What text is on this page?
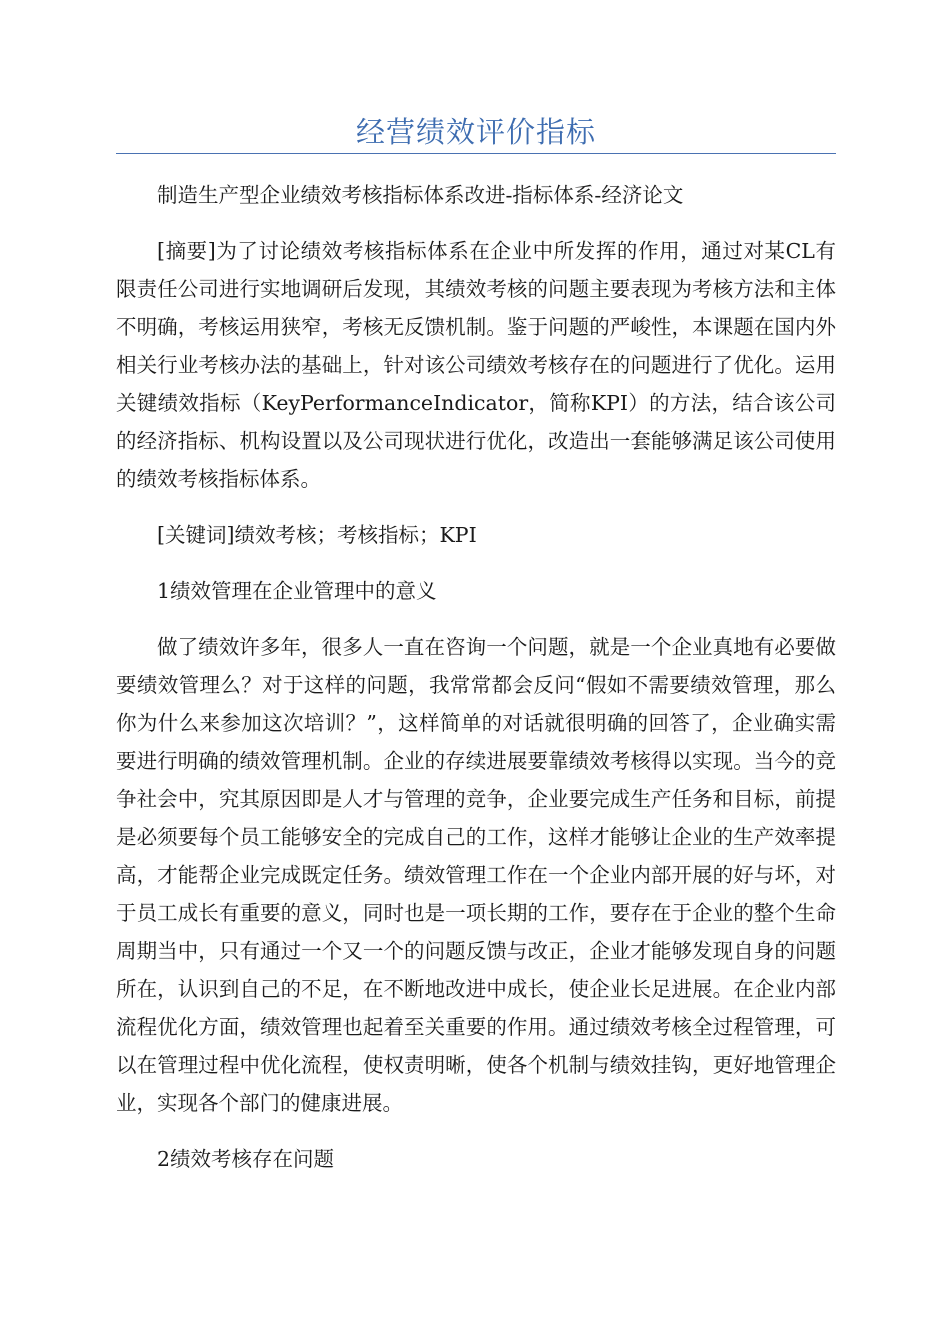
经营绩效评价指标

制造生产型企业绩效考核指标体系改进-指标体系-经济论文

[摘要]为了讨论绩效考核指标体系在企业中所发挥的作用，通过对某CL有限责任公司进行实地调研后发现，其绩效考核的问题主要表现为考核方法和主体不明确，考核运用狭窄，考核无反馈机制。鉴于问题的严峻性，本课题在国内外相关行业考核办法的基础上，针对该公司绩效考核存在的问题进行了优化。运用关键绩效指标（KeyPerformanceIndicator，简称KPI）的方法，结合该公司的经济指标、机构设置以及公司现状进行优化，改造出一套能够满足该公司使用的绩效考核指标体系。

[关键词]绩效考核；考核指标；KPI

1绩效管理在企业管理中的意义

做了绩效许多年，很多人一直在咨询一个问题，就是一个企业真地有必要做要绩效管理么？对于这样的问题，我常常都会反问“假如不需要绩效管理，那么你为什么来参加这次培训？”，这样简单的对话就很明确的回答了，企业确实需要进行明确的绩效管理机制。企业的存续进展要靠绩效考核得以实现。当今的竞争社会中，究其原因即是人才与管理的竞争，企业要完成生产任务和目标，前提是必须要每个员工能够安全的完成自己的工作，这样才能够让企业的生产效率提高，才能帮企业完成既定任务。绩效管理工作在一个企业内部开展的好与坏，对于员工成长有重要的意义，同时也是一项长期的工作，要存在于企业的整个生命周期当中，只有通过一个又一个的问题反馈与改正，企业才能够发现自身的问题所在，认识到自己的不足，在不断地改进中成长，使企业长足进展。在企业内部流程优化方面，绩效管理也起着至关重要的作用。通过绩效考核全过程管理，可以在管理过程中优化流程，使权责明晰，使各个机制与绩效挂钩，更好地管理企业，实现各个部门的健康进展。

2绩效考核存在问题
